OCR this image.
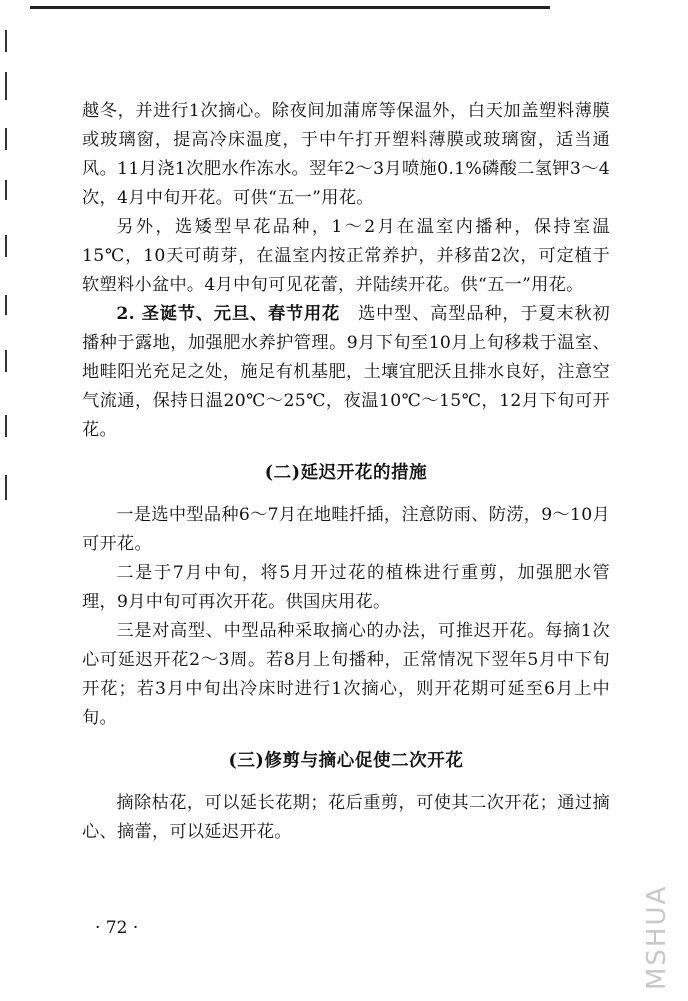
越冬，并进行1次摘心。除夜间加蒲席等保温外，白天加盖塑料薄膜或玻璃窗，提高冷床温度，于中午打开塑料薄膜或玻璃窗，适当通风。11月浇1次肥水作冻水。翌年2～3月喷施0.1%磷酸二氢钾3～4次，4月中旬开花。可供“五一”用花。

另外，选矮型早花品种，1～2月在温室内播种，保持室温15℃，10天可萌芽，在温室内按正常养护，并移苗2次，可定植于软塑料小盆中。4月中旬可见花蕾，并陆续开花。供“五一”用花。

2. 圣诞节、元旦、春节用花　 选中型、高型品种，于夏末秋初播种于露地，加强肥水养护管理。9月下旬至10月上旬移栽于温室、地畦阳光充足之处，施足有机基肥，土壤宜肥沃且排水良好，注意空气流通，保持日温20℃～25℃，夜温10℃～15℃，12月下旬可开花。

(二)延迟开花的措施

一是选中型品种6～7月在地畦扦插，注意防雨、防涝，9～10月可开花。

二是于7月中旬，将5月开过花的植株进行重剪，加强肥水管理，9月中旬可再次开花。供国庆用花。

三是对高型、中型品种采取摘心的办法，可推迟开花。每摘1次心可延迟开花2～3周。若8月上旬播种，正常情况下翌年5月中下旬开花；若3月中旬出冷床时进行1次摘心，则开花期可延至6月上中旬。

(三)修剪与摘心促使二次开花

摘除枯花，可以延长花期；花后重剪，可使其二次开花；通过摘心、摘蕾，可以延迟开花。

· 72 ·	MSHUA
